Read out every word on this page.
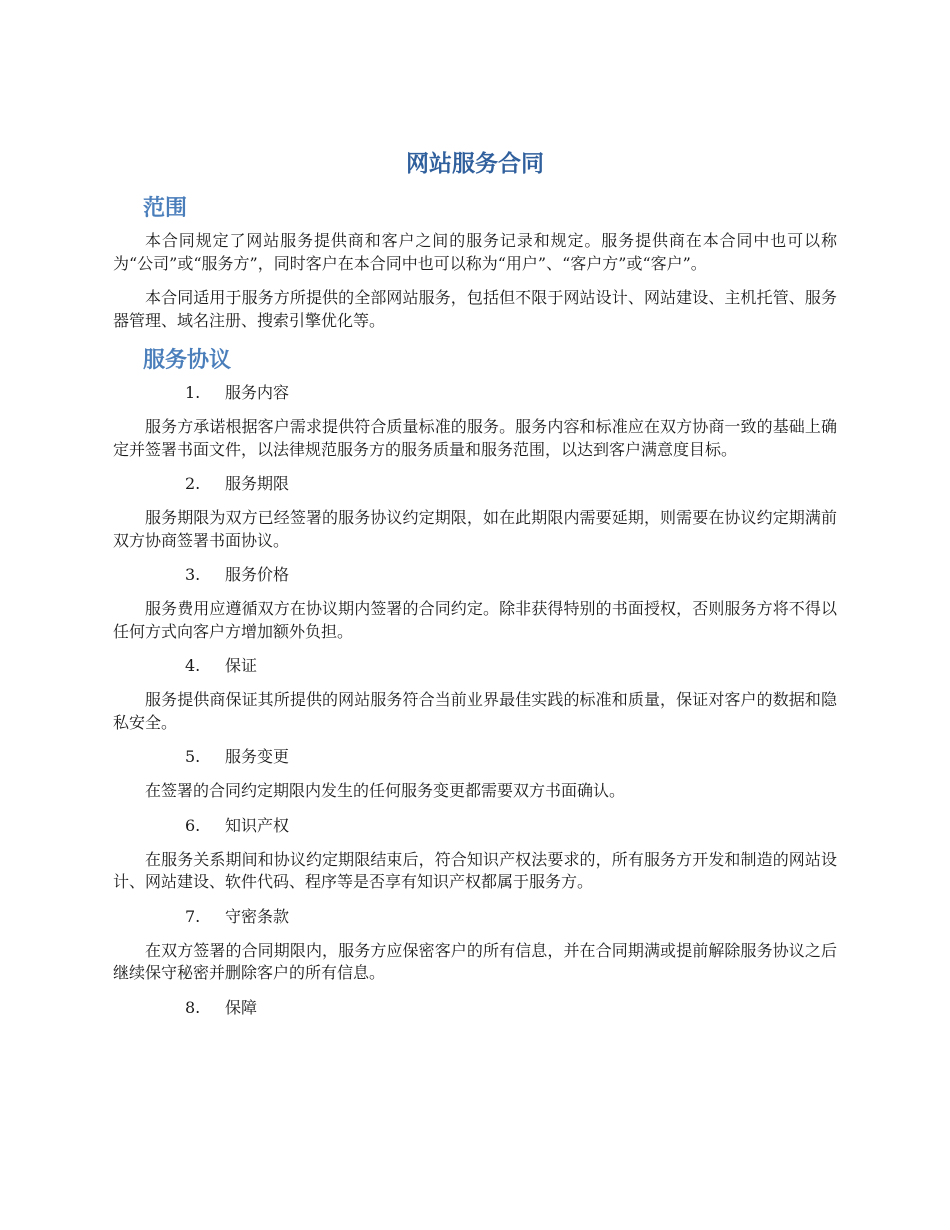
网站服务合同
范围

本合同规定了网站服务提供商和客户之间的服务记录和规定。服务提供商在本合同中也可以称为“公司”或“服务方”，同时客户在本合同中也可以称为“用户”、“客户方”或“客户”。

本合同适用于服务方所提供的全部网站服务，包括但不限于网站设计、网站建设、主机托管、服务器管理、域名注册、搜索引擎优化等。

服务协议
1.	服务内容

服务方承诺根据客户需求提供符合质量标准的服务。服务内容和标准应在双方协商一致的基础上确定并签署书面文件，以法律规范服务方的服务质量和服务范围，以达到客户满意度目标。

2.	服务期限

服务期限为双方已经签署的服务协议约定期限，如在此期限内需要延期，则需要在协议约定期满前双方协商签署书面协议。

3.	服务价格

服务费用应遵循双方在协议期内签署的合同约定。除非获得特别的书面授权，否则服务方将不得以任何方式向客户方增加额外负担。

4.	保证

服务提供商保证其所提供的网站服务符合当前业界最佳实践的标准和质量，保证对客户的数据和隐私安全。

5.	服务变更

在签署的合同约定期限内发生的任何服务变更都需要双方书面确认。

6.	知识产权

在服务关系期间和协议约定期限结束后，符合知识产权法要求的，所有服务方开发和制造的网站设计、网站建设、软件代码、程序等是否享有知识产权都属于服务方。

7.	守密条款

在双方签署的合同期限内，服务方应保密客户的所有信息，并在合同期满或提前解除服务协议之后继续保守秘密并删除客户的所有信息。

8.	保障
